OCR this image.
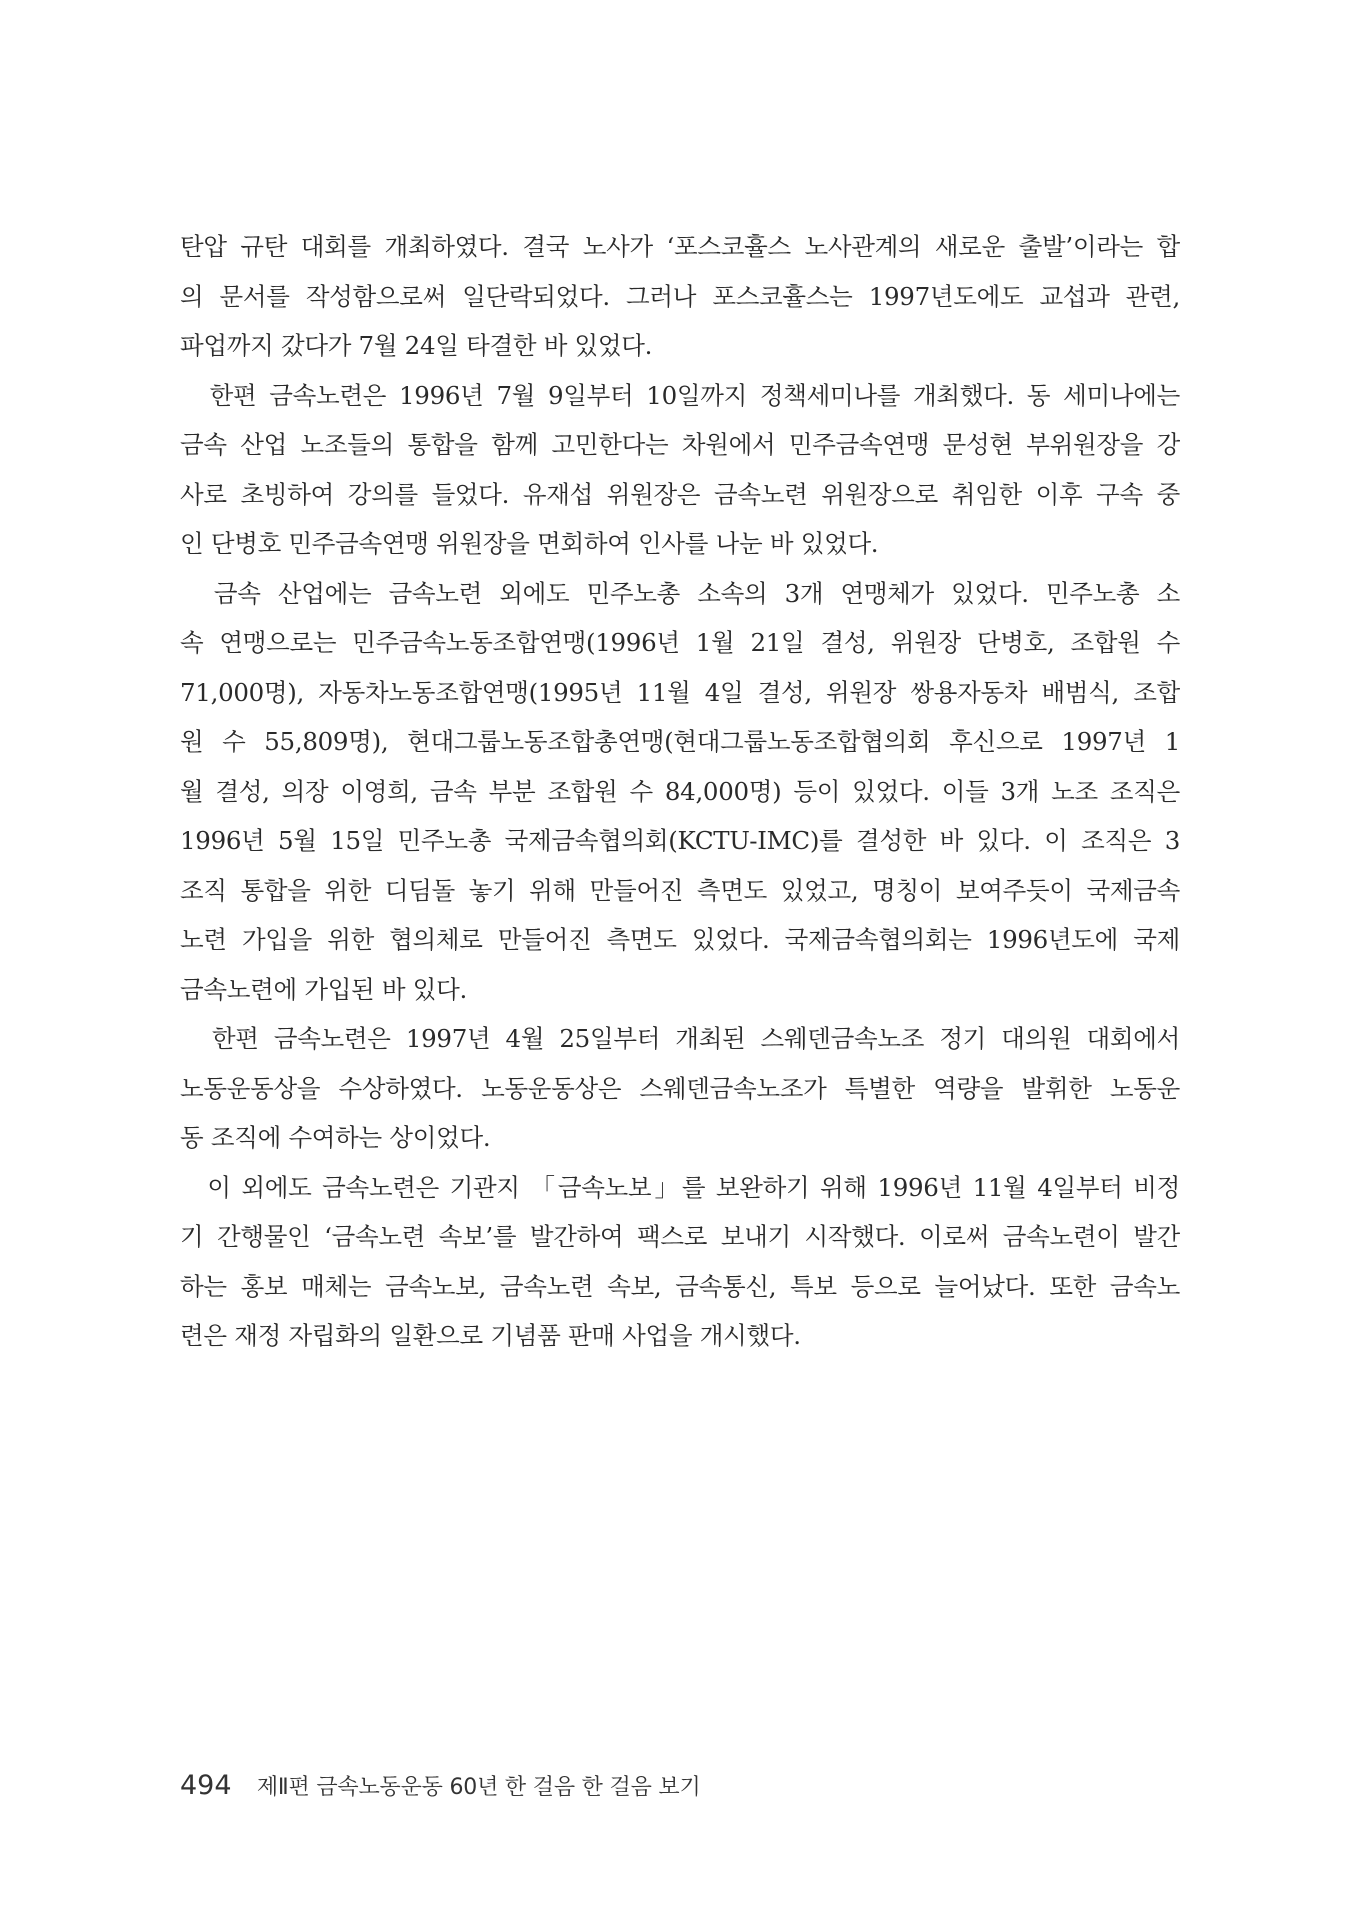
탄압 규탄 대회를 개최하였다. 결국 노사가 ‘포스코휼스 노사관계의 새로운 출발’이라는 합
의 문서를 작성함으로써 일단락되었다. 그러나 포스코휼스는 1997년도에도 교섭과 관련,
파업까지 갔다가 7월 24일 타결한 바 있었다.
　한편 금속노련은 1996년 7월 9일부터 10일까지 정책세미나를 개최했다. 동 세미나에는
금속 산업 노조들의 통합을 함께 고민한다는 차원에서 민주금속연맹 문성현 부위원장을 강
사로 초빙하여 강의를 들었다. 유재섭 위원장은 금속노련 위원장으로 취임한 이후 구속 중
인 단병호 민주금속연맹 위원장을 면회하여 인사를 나눈 바 있었다.
　금속 산업에는 금속노련 외에도 민주노총 소속의 3개 연맹체가 있었다. 민주노총 소
속 연맹으로는 민주금속노동조합연맹(1996년 1월 21일 결성, 위원장 단병호, 조합원 수
71,000명), 자동차노동조합연맹(1995년 11월 4일 결성, 위원장 쌍용자동차 배범식, 조합
원 수 55,809명), 현대그룹노동조합총연맹(현대그룹노동조합협의회 후신으로 1997년 1
월 결성, 의장 이영희, 금속 부분 조합원 수 84,000명) 등이 있었다. 이들 3개 노조 조직은
1996년 5월 15일 민주노총 국제금속협의회(KCTU-IMC)를 결성한 바 있다. 이 조직은 3
조직 통합을 위한 디딤돌 놓기 위해 만들어진 측면도 있었고, 명칭이 보여주듯이 국제금속
노련 가입을 위한 협의체로 만들어진 측면도 있었다. 국제금속협의회는 1996년도에 국제
금속노련에 가입된 바 있다.
　한편 금속노련은 1997년 4월 25일부터 개최된 스웨덴금속노조 정기 대의원 대회에서
노동운동상을 수상하였다. 노동운동상은 스웨덴금속노조가 특별한 역량을 발휘한 노동운
동 조직에 수여하는 상이었다.
　이 외에도 금속노련은 기관지 「금속노보」를 보완하기 위해 1996년 11월 4일부터 비정
기 간행물인 ‘금속노련 속보’를 발간하여 팩스로 보내기 시작했다. 이로써 금속노련이 발간
하는 홍보 매체는 금속노보, 금속노련 속보, 금속통신, 특보 등으로 늘어났다. 또한 금속노
련은 재정 자립화의 일환으로 기념품 판매 사업을 개시했다.
494 제Ⅱ편 금속노동운동 60년 한 걸음 한 걸음 보기
